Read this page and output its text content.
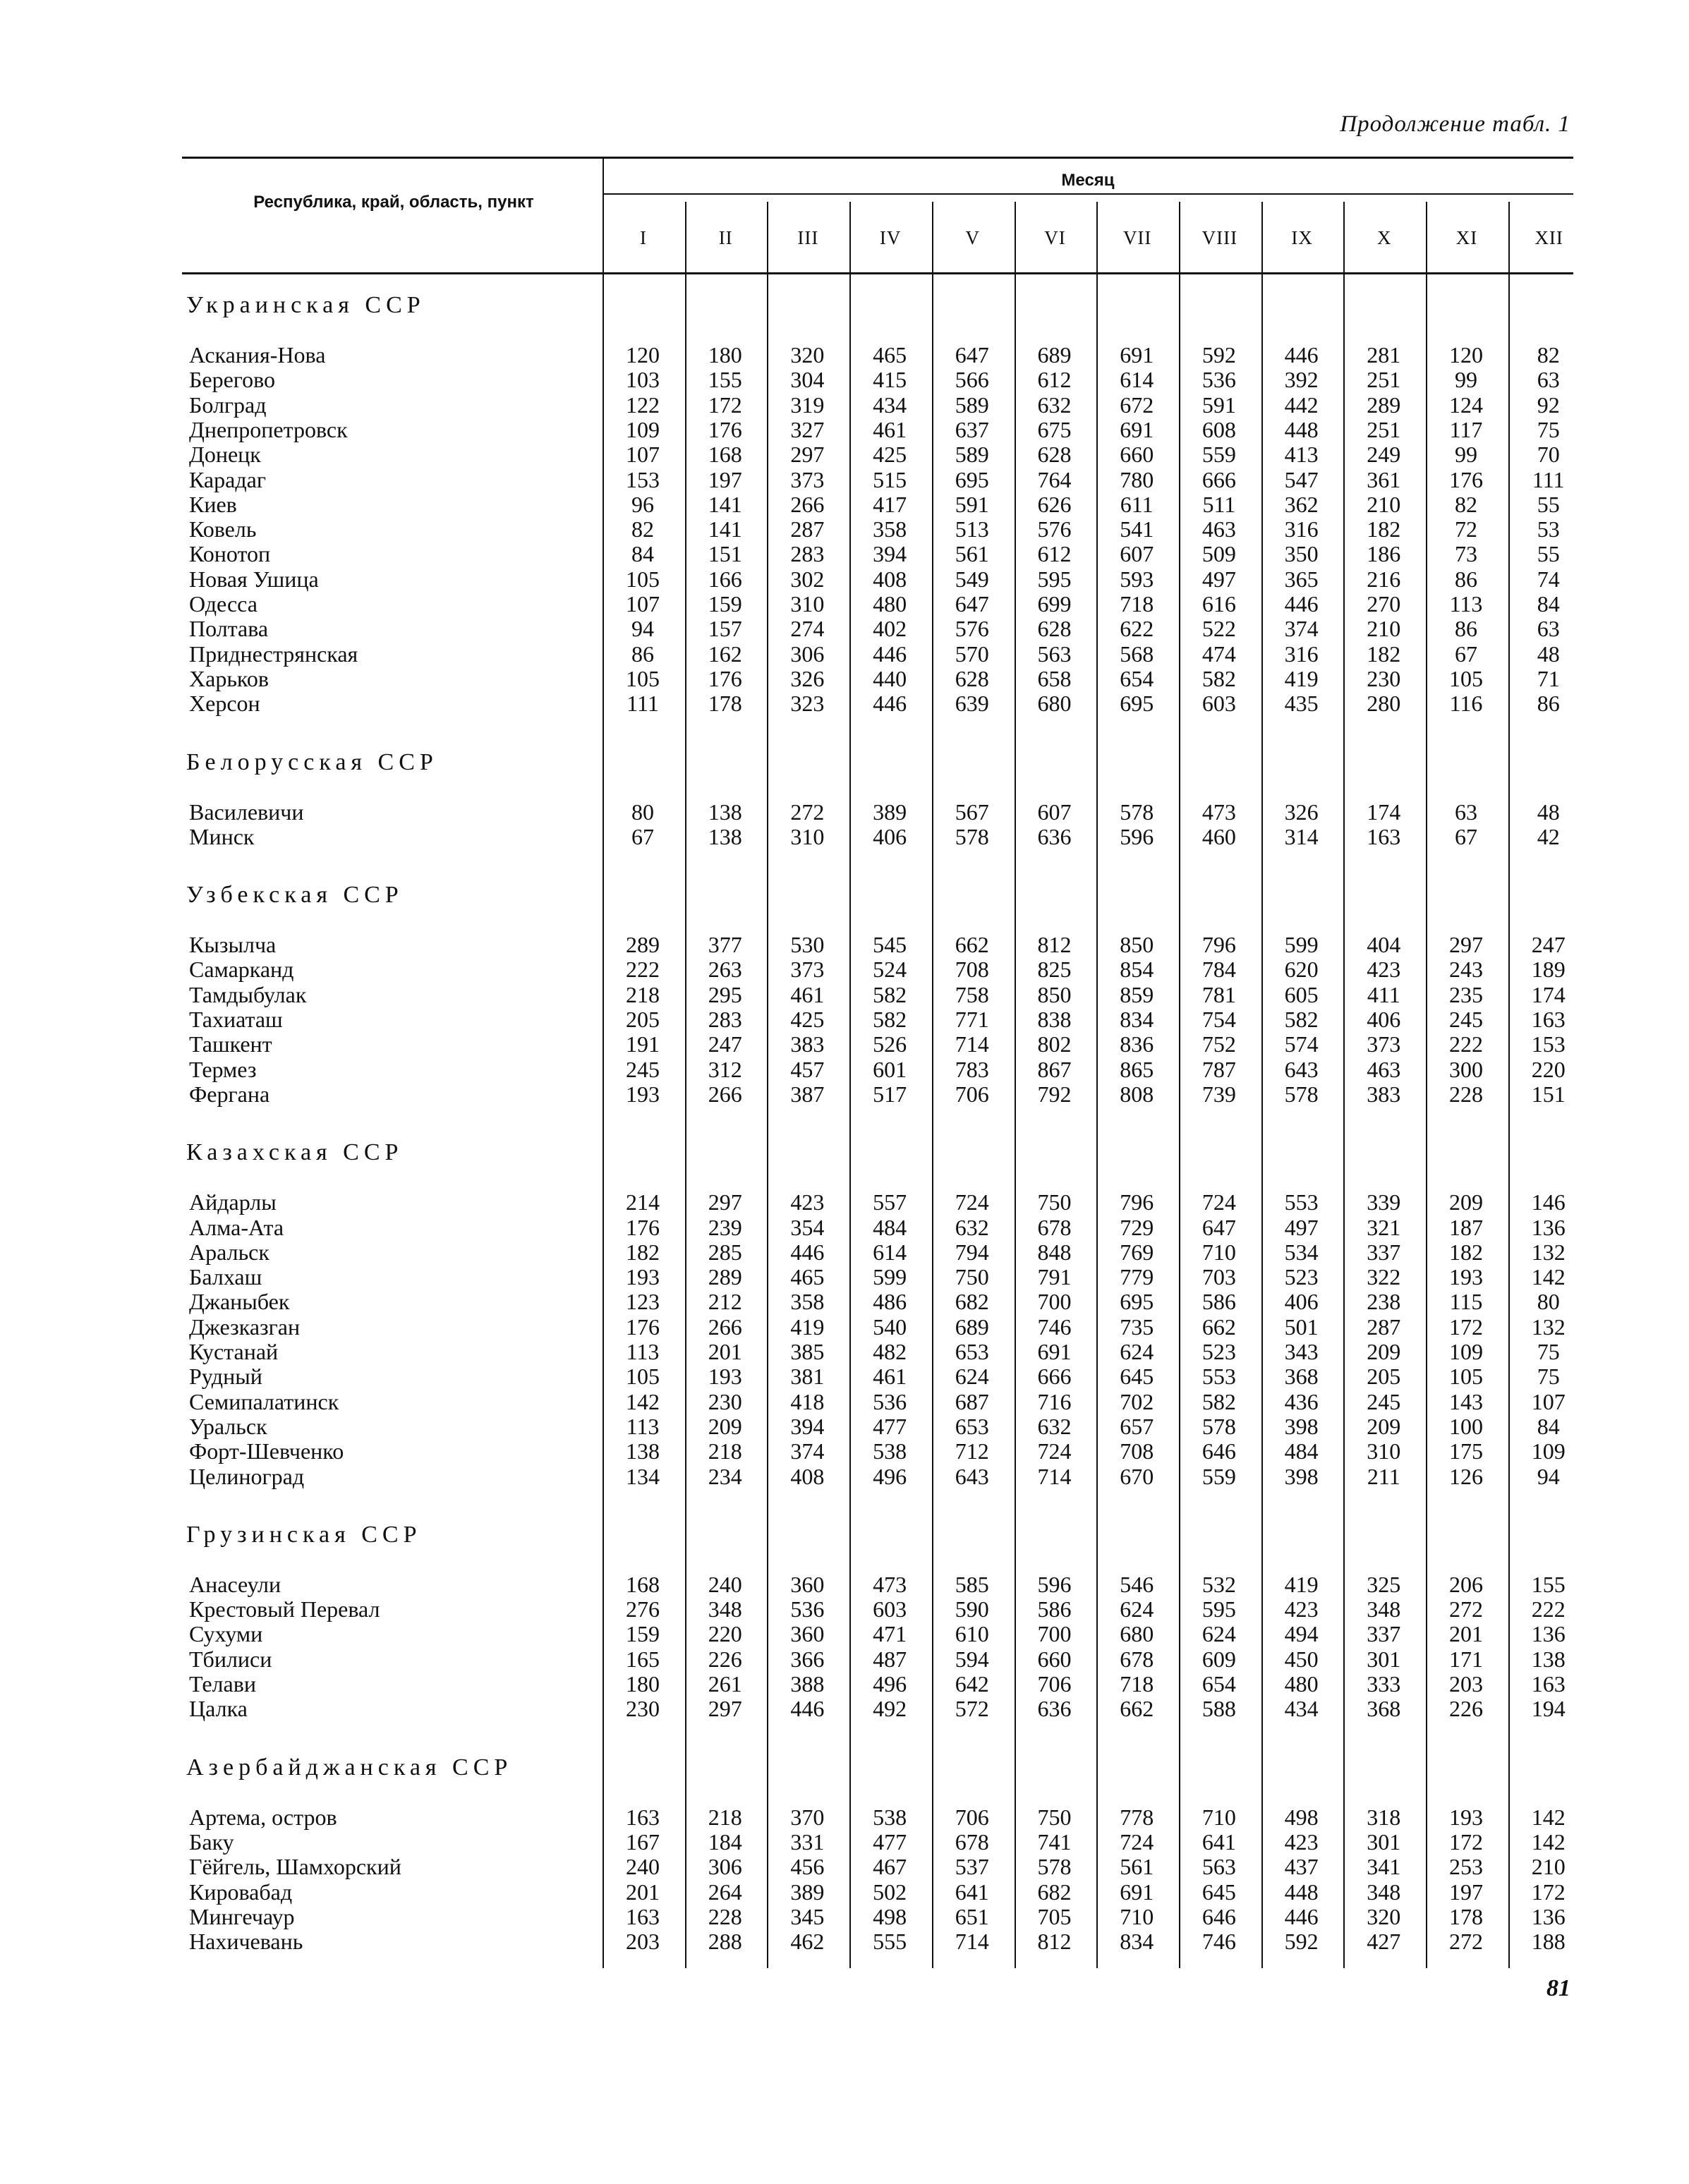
Продолжение табл. 1
Республика, край, область, пункт
Месяц
I	II	III	IV	V	VI	VII	VIII	IX	X	XI	XII
Украинская ССР
Аскания-Нова	120	180	320	465	647	689	691	592	446	281	120	82
Берегово	103	155	304	415	566	612	614	536	392	251	99	63
Болград	122	172	319	434	589	632	672	591	442	289	124	92
Днепропетровск	109	176	327	461	637	675	691	608	448	251	117	75
Донецк	107	168	297	425	589	628	660	559	413	249	99	70
Карадаг	153	197	373	515	695	764	780	666	547	361	176	111
Киев	96	141	266	417	591	626	611	511	362	210	82	55
Ковель	82	141	287	358	513	576	541	463	316	182	72	53
Конотоп	84	151	283	394	561	612	607	509	350	186	73	55
Новая Ушица	105	166	302	408	549	595	593	497	365	216	86	74
Одесса	107	159	310	480	647	699	718	616	446	270	113	84
Полтава	94	157	274	402	576	628	622	522	374	210	86	63
Приднестрянская	86	162	306	446	570	563	568	474	316	182	67	48
Харьков	105	176	326	440	628	658	654	582	419	230	105	71
Херсон	111	178	323	446	639	680	695	603	435	280	116	86
Белорусская ССР
Василевичи	80	138	272	389	567	607	578	473	326	174	63	48
Минск	67	138	310	406	578	636	596	460	314	163	67	42
Узбекская ССР
Кызылча	289	377	530	545	662	812	850	796	599	404	297	247
Самарканд	222	263	373	524	708	825	854	784	620	423	243	189
Тамдыбулак	218	295	461	582	758	850	859	781	605	411	235	174
Тахиаташ	205	283	425	582	771	838	834	754	582	406	245	163
Ташкент	191	247	383	526	714	802	836	752	574	373	222	153
Термез	245	312	457	601	783	867	865	787	643	463	300	220
Фергана	193	266	387	517	706	792	808	739	578	383	228	151
Казахская ССР
Айдарлы	214	297	423	557	724	750	796	724	553	339	209	146
Алма-Ата	176	239	354	484	632	678	729	647	497	321	187	136
Аральск	182	285	446	614	794	848	769	710	534	337	182	132
Балхаш	193	289	465	599	750	791	779	703	523	322	193	142
Джаныбек	123	212	358	486	682	700	695	586	406	238	115	80
Джезказган	176	266	419	540	689	746	735	662	501	287	172	132
Кустанай	113	201	385	482	653	691	624	523	343	209	109	75
Рудный	105	193	381	461	624	666	645	553	368	205	105	75
Семипалатинск	142	230	418	536	687	716	702	582	436	245	143	107
Уральск	113	209	394	477	653	632	657	578	398	209	100	84
Форт-Шевченко	138	218	374	538	712	724	708	646	484	310	175	109
Целиноград	134	234	408	496	643	714	670	559	398	211	126	94
Грузинская ССР
Анасеули	168	240	360	473	585	596	546	532	419	325	206	155
Крестовый Перевал	276	348	536	603	590	586	624	595	423	348	272	222
Сухуми	159	220	360	471	610	700	680	624	494	337	201	136
Тбилиси	165	226	366	487	594	660	678	609	450	301	171	138
Телави	180	261	388	496	642	706	718	654	480	333	203	163
Цалка	230	297	446	492	572	636	662	588	434	368	226	194
Азербайджанская ССР
Артема, остров	163	218	370	538	706	750	778	710	498	318	193	142
Баку	167	184	331	477	678	741	724	641	423	301	172	142
Гёйгель, Шамхорский	240	306	456	467	537	578	561	563	437	341	253	210
Кировабад	201	264	389	502	641	682	691	645	448	348	197	172
Мингечаур	163	228	345	498	651	705	710	646	446	320	178	136
Нахичевань	203	288	462	555	714	812	834	746	592	427	272	188
81
